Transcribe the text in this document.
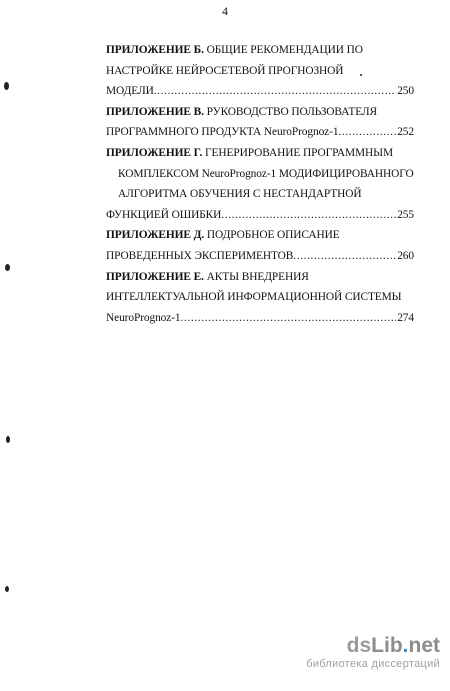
4
ПРИЛОЖЕНИЕ Б. ОБЩИЕ РЕКОМЕНДАЦИИ ПО
НАСТРОЙКЕ НЕЙРОСЕТЕВОЙ ПРОГНОЗНОЙ
МОДЕЛИ .....	250
ПРИЛОЖЕНИЕ В. РУКОВОДСТВО ПОЛЬЗОВАТЕЛЯ
ПРОГРАММНОГО ПРОДУКТА NeuroPrognoz-1 .....	252
ПРИЛОЖЕНИЕ Г. ГЕНЕРИРОВАНИЕ ПРОГРАММНЫМ
КОМПЛЕКСОМ NeuroPrognoz-1 МОДИФИЦИРОВАННОГО
АЛГОРИТМА ОБУЧЕНИЯ С НЕСТАНДАРТНОЙ
ФУНКЦИЕЙ ОШИБКИ .....	255
ПРИЛОЖЕНИЕ Д. ПОДРОБНОЕ ОПИСАНИЕ
ПРОВЕДЕННЫХ ЭКСПЕРИМЕНТОВ .....	260
ПРИЛОЖЕНИЕ Е. АКТЫ ВНЕДРЕНИЯ
ИНТЕЛЛЕКТУАЛЬНОЙ ИНФОРМАЦИОННОЙ СИСТЕМЫ
NeuroPrognoz-1 .....	274
dsLib.net
библиотека диссертаций
